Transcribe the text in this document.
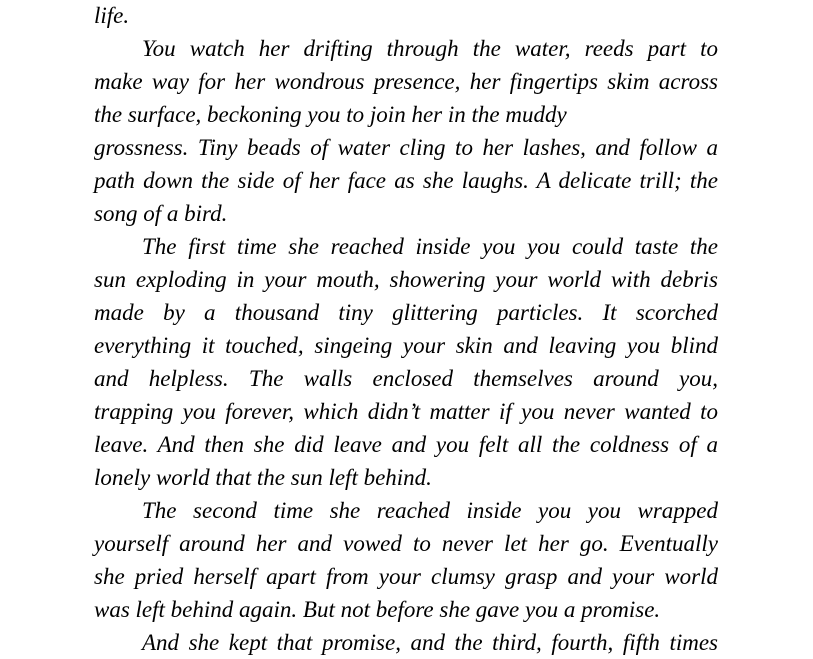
life.
You watch her drifting through the water, reeds part to
make way for her wondrous presence, her fingertips skim across
the surface, beckoning you to join her in the muddy
grossness. Tiny beads of water cling to her lashes, and follow a
path down the side of her face as she laughs. A delicate trill; the
song of a bird.
The first time she reached inside you you could taste the
sun exploding in your mouth, showering your world with debris
made by a thousand tiny glittering particles. It scorched
everything it touched, singeing your skin and leaving you blind
and helpless. The walls enclosed themselves around you,
trapping you forever, which didn’t matter if you never wanted to
leave. And then she did leave and you felt all the coldness of a
lonely world that the sun left behind.
The second time she reached inside you you wrapped
yourself around her and vowed to never let her go. Eventually
she pried herself apart from your clumsy grasp and your world
was left behind again. But not before she gave you a promise.
And she kept that promise, and the third, fourth, fifth times
